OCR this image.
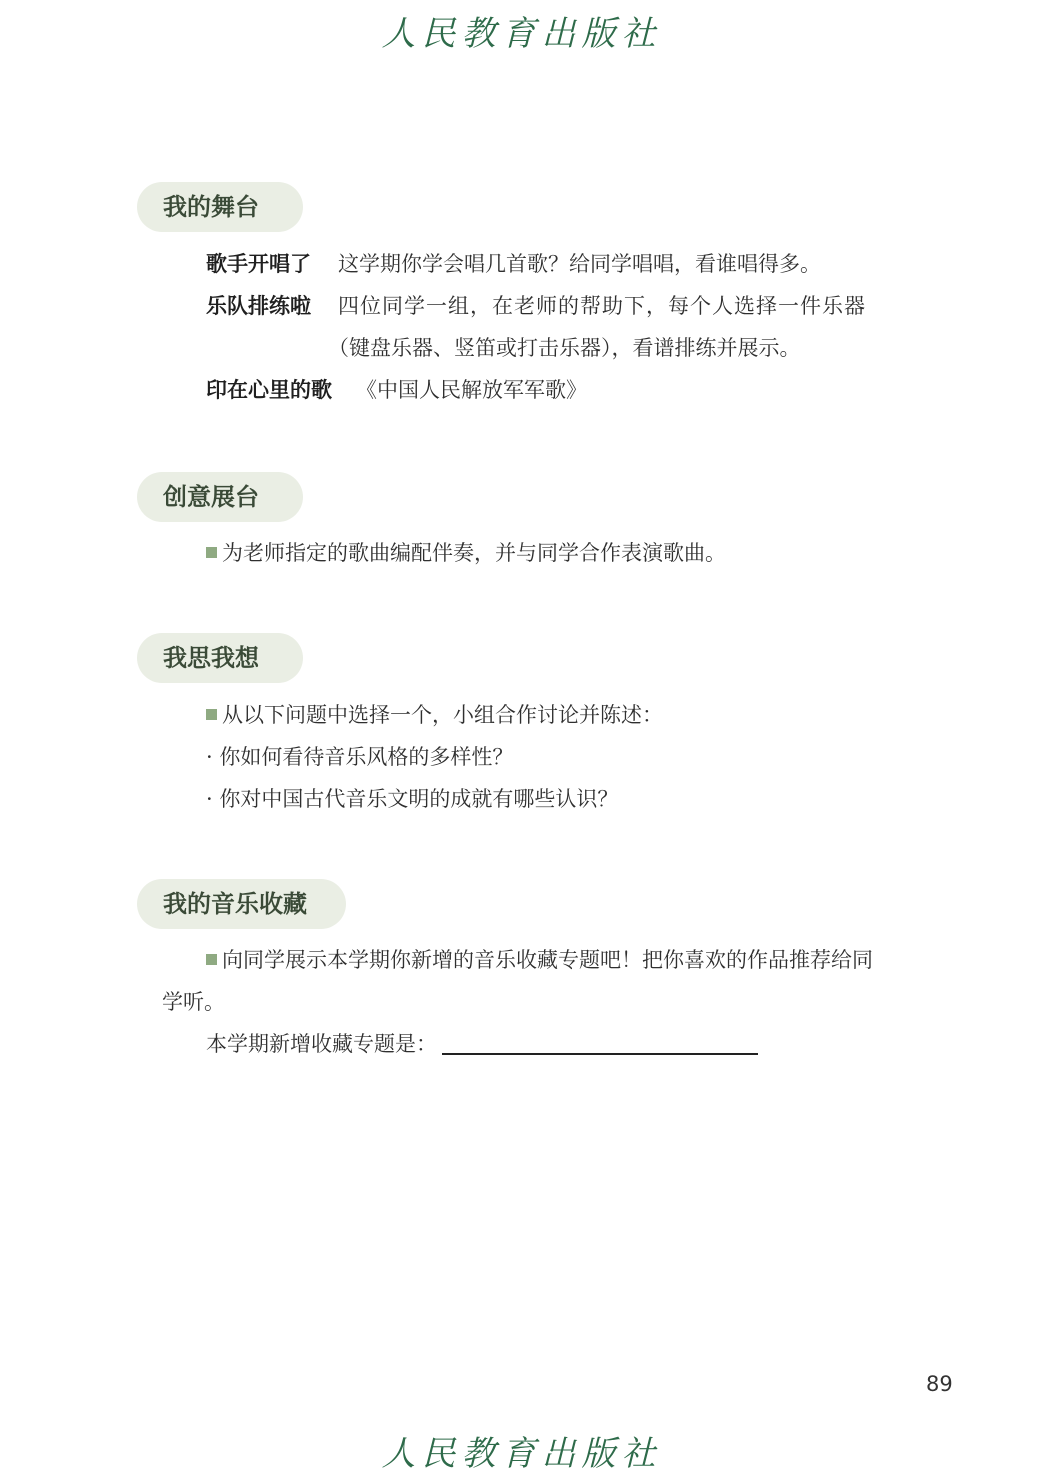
人民教育出版社
我的舞台
歌手开唱了 这学期你学会唱几首歌？给同学唱唱，看谁唱得多。
乐队排练啦 四位同学一组，在老师的帮助下，每个人选择一件乐器
（键盘乐器、竖笛或打击乐器），看谱排练并展示。
印在心里的歌 《中国人民解放军军歌》
创意展台
为老师指定的歌曲编配伴奏，并与同学合作表演歌曲。
我思我想
从以下问题中选择一个，小组合作讨论并陈述：
· 你如何看待音乐风格的多样性？
· 你对中国古代音乐文明的成就有哪些认识？
我的音乐收藏
向同学展示本学期你新增的音乐收藏专题吧！把你喜欢的作品推荐给同
学听。
本学期新增收藏专题是：
89
人民教育出版社
